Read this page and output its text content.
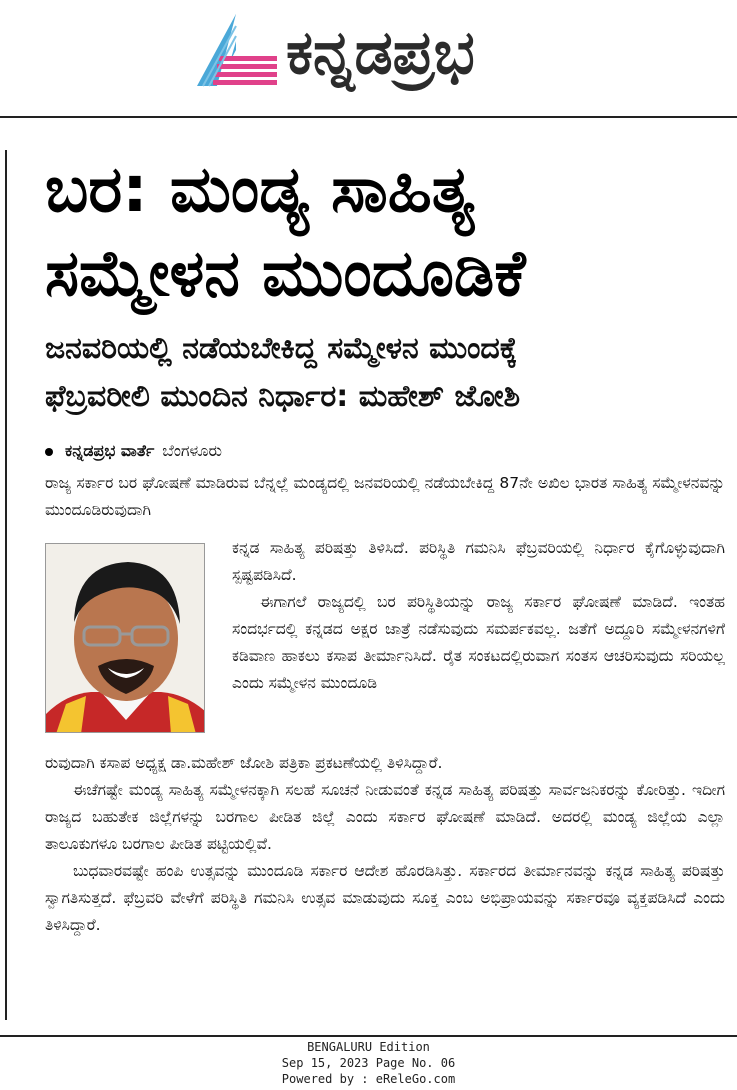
ಕನ್ನಡಪ್ರಭ
ಬರ: ಮಂಡ್ಯ ಸಾಹಿತ್ಯ
ಸಮ್ಮೇಳನ ಮುಂದೂಡಿಕೆ
ಜನವರಿಯಲ್ಲಿ ನಡೆಯಬೇಕಿದ್ದ ಸಮ್ಮೇಳನ ಮುಂದಕ್ಕೆ
ಫೆಬ್ರವರೀಲಿ ಮುಂದಿನ ನಿರ್ಧಾರ: ಮಹೇಶ್ ಜೋಶಿ
ಕನ್ನಡಪ್ರಭ ವಾರ್ತೆ ಬೆಂಗಳೂರು

ರಾಜ್ಯ ಸರ್ಕಾರ ಬರ ಘೋಷಣೆ ಮಾಡಿರುವ ಬೆನ್ನಲ್ಲೆ ಮಂಡ್ಯದಲ್ಲಿ ಜನವರಿಯಲ್ಲಿ ನಡೆಯಬೇಕಿದ್ದ 87ನೇ ಅಖಿಲ ಭಾರತ ಸಾಹಿತ್ಯ ಸಮ್ಮೇಳನವನ್ನು ಮುಂದೂಡಿರುವುದಾಗಿ

ಕನ್ನಡ ಸಾಹಿತ್ಯ ಪರಿಷತ್ತು ತಿಳಿಸಿದೆ. ಪರಿಸ್ಥಿತಿ ಗಮನಿಸಿ ಫೆಬ್ರವರಿಯಲ್ಲಿ ನಿರ್ಧಾರ ಕೈಗೊಳ್ಳುವುದಾಗಿ ಸ್ಪಷ್ಟಪಡಿಸಿದೆ.

ಈಗಾಗಲೆ ರಾಜ್ಯದಲ್ಲಿ ಬರ ಪರಿಸ್ಥಿತಿಯನ್ನು ರಾಜ್ಯ ಸರ್ಕಾರ ಘೋಷಣೆ ಮಾಡಿದೆ. ಇಂತಹ ಸಂದರ್ಭದಲ್ಲಿ ಕನ್ನಡದ ಅಕ್ಷರ ಜಾತ್ರೆ ನಡೆಸುವುದು ಸಮರ್ಪಕವಲ್ಲ. ಜತೆಗೆ ಅದ್ದೂರಿ ಸಮ್ಮೇಳನಗಳಿಗೆ ಕಡಿವಾಣ ಹಾಕಲು ಕಸಾಪ ತೀರ್ಮಾನಿಸಿದೆ. ರೈತ ಸಂಕಟದಲ್ಲಿರುವಾಗ ಸಂತಸ ಆಚರಿಸುವುದು ಸರಿಯಲ್ಲ ಎಂದು ಸಮ್ಮೇಳನ ಮುಂದೂಡಿ

ರುವುದಾಗಿ ಕಸಾಪ ಅಧ್ಯಕ್ಷ ಡಾ.ಮಹೇಶ್ ಜೋಶಿ ಪತ್ರಿಕಾ ಪ್ರಕಟಣೆಯಲ್ಲಿ ತಿಳಿಸಿದ್ದಾರೆ.

ಈಚೆಗಷ್ಟೇ ಮಂಡ್ಯ ಸಾಹಿತ್ಯ ಸಮ್ಮೇಳನಕ್ಕಾಗಿ ಸಲಹೆ ಸೂಚನೆ ನೀಡುವಂತೆ ಕನ್ನಡ ಸಾಹಿತ್ಯ ಪರಿಷತ್ತು ಸಾರ್ವಜನಿಕರನ್ನು ಕೋರಿತ್ತು. ಇದೀಗ ರಾಜ್ಯದ ಬಹುತೇಕ ಜಿಲ್ಲೆಗಳನ್ನು ಬರಗಾಲ ಪೀಡಿತ ಜಿಲ್ಲೆ ಎಂದು ಸರ್ಕಾರ ಘೋಷಣೆ ಮಾಡಿದೆ. ಅದರಲ್ಲಿ ಮಂಡ್ಯ ಜಿಲ್ಲೆಯ ಎಲ್ಲಾ ತಾಲೂಕುಗಳೂ ಬರಗಾಲ ಪೀಡಿತ ಪಟ್ಟಿಯಲ್ಲಿವೆ.

ಬುಧವಾರವಷ್ಟೇ ಹಂಪಿ ಉತ್ಸವನ್ನು ಮುಂದೂಡಿ ಸರ್ಕಾರ ಆದೇಶ ಹೊರಡಿಸಿತ್ತು. ಸರ್ಕಾರದ ತೀರ್ಮಾನವನ್ನು ಕನ್ನಡ ಸಾಹಿತ್ಯ ಪರಿಷತ್ತು ಸ್ವಾಗತಿಸುತ್ತದೆ. ಫೆಬ್ರವರಿ ವೇಳೆಗೆ ಪರಿಸ್ಥಿತಿ ಗಮನಿಸಿ ಉತ್ಸವ ಮಾಡುವುದು ಸೂಕ್ತ ಎಂಬ ಅಭಿಪ್ರಾಯವನ್ನು ಸರ್ಕಾರವೂ ವ್ಯಕ್ತಪಡಿಸಿದೆ ಎಂದು ತಿಳಿಸಿದ್ದಾರೆ.

BENGALURU Edition
Sep 15, 2023 Page No. 06
Powered by : eReleGo.com
